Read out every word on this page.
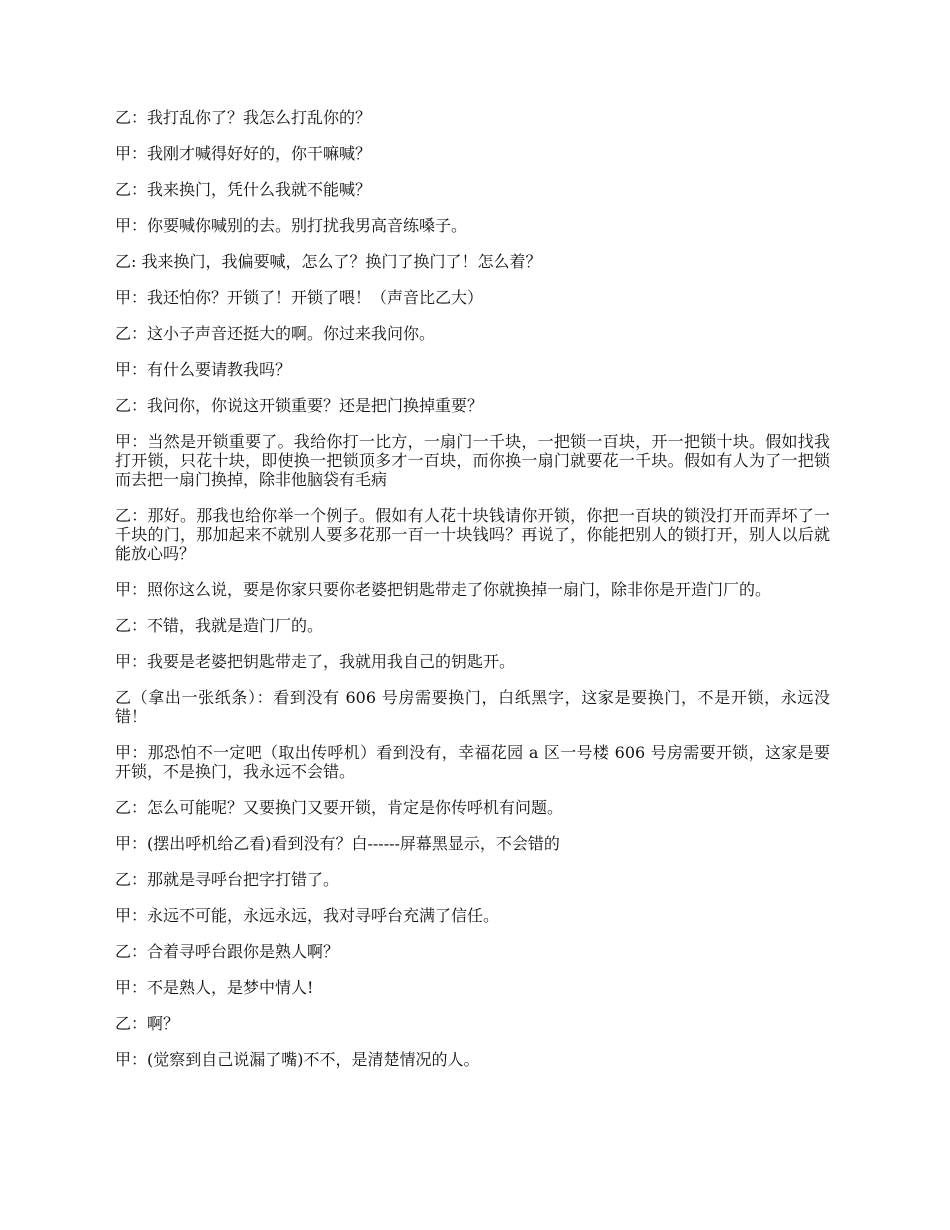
乙：我打乱你了？我怎么打乱你的？

甲：我刚才喊得好好的，你干嘛喊？

乙：我来换门，凭什么我就不能喊？

甲：你要喊你喊别的去。别打扰我男高音练嗓子。

乙: 我来换门，我偏要喊，怎么了？换门了换门了！怎么着？

甲：我还怕你？开锁了！开锁了喂！（声音比乙大）

乙：这小子声音还挺大的啊。你过来我问你。

甲：有什么要请教我吗？

乙：我问你，你说这开锁重要？还是把门换掉重要？

甲：当然是开锁重要了。我给你打一比方，一扇门一千块，一把锁一百块，开一把锁十块。假如找我打开锁，只花十块，即使换一把锁顶多才一百块，而你换一扇门就要花一千块。假如有人为了一把锁而去把一扇门换掉，除非他脑袋有毛病

乙：那好。那我也给你举一个例子。假如有人花十块钱请你开锁，你把一百块的锁没打开而弄坏了一千块的门，那加起来不就别人要多花那一百一十块钱吗？再说了，你能把别人的锁打开，别人以后就能放心吗？

甲：照你这么说，要是你家只要你老婆把钥匙带走了你就换掉一扇门，除非你是开造门厂的。

乙：不错，我就是造门厂的。

甲：我要是老婆把钥匙带走了，我就用我自己的钥匙开。

乙（拿出一张纸条）：看到没有 606 号房需要换门，白纸黑字，这家是要换门，不是开锁，永远没错！

甲：那恐怕不一定吧（取出传呼机）看到没有，幸福花园 a 区一号楼 606 号房需要开锁，这家是要开锁，不是换门，我永远不会错。

乙：怎么可能呢？又要换门又要开锁，肯定是你传呼机有问题。

甲：(摆出呼机给乙看)看到没有？白------屏幕黑显示，不会错的

乙：那就是寻呼台把字打错了。

甲：永远不可能，永远永远，我对寻呼台充满了信任。

乙：合着寻呼台跟你是熟人啊？

甲：不是熟人，是梦中情人!

乙：啊？

甲：(觉察到自己说漏了嘴)不不，是清楚情况的人。
